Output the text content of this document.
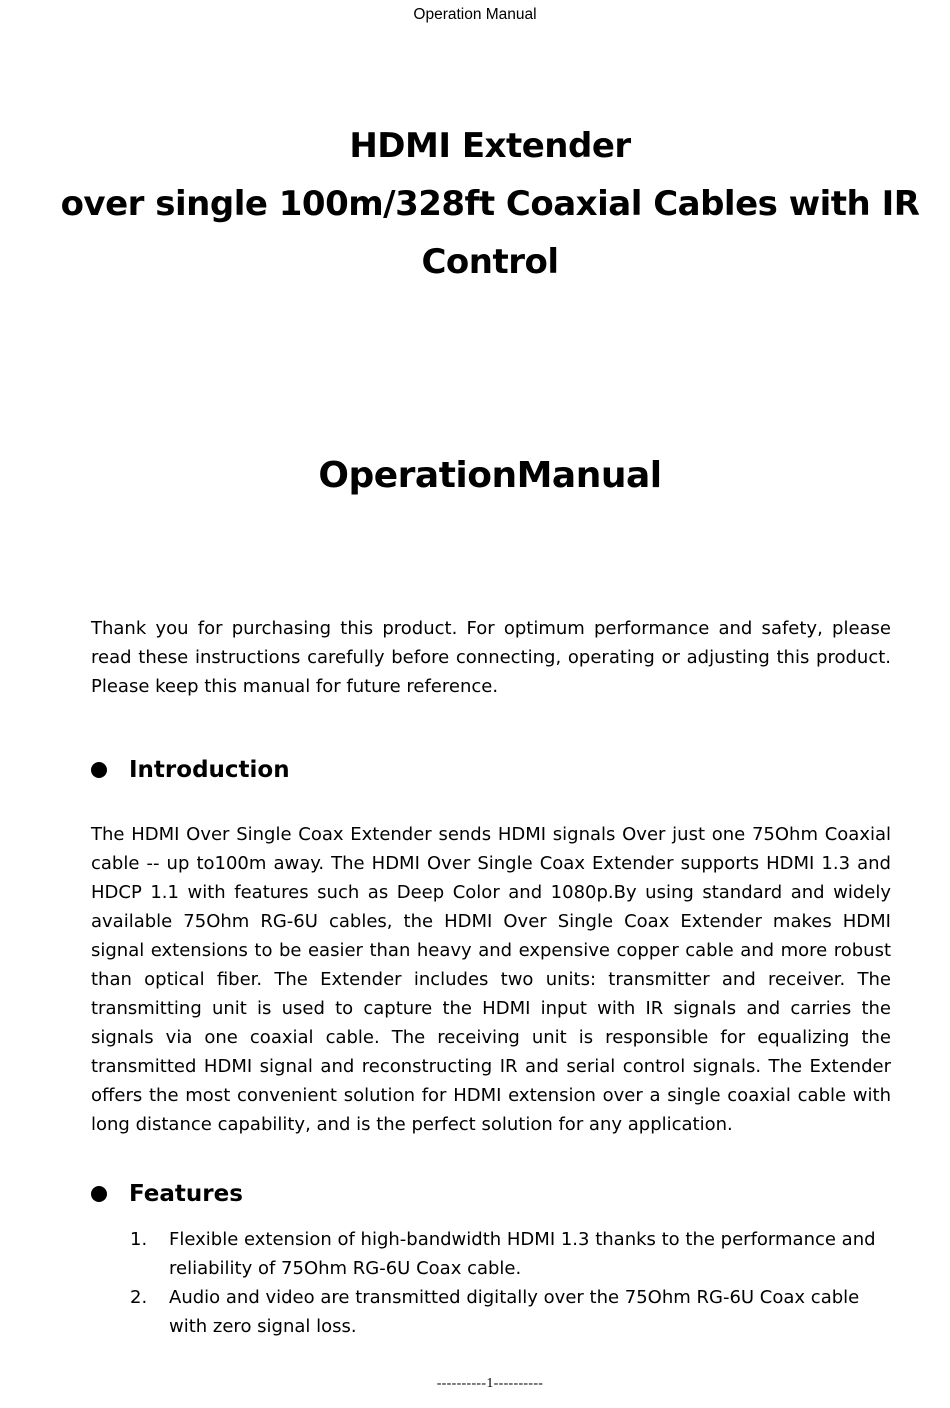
Operation Manual
HDMI Extender
over single 100m/328ft Coaxial Cables with IR
Control
OperationManual
Thank you for purchasing this product. For optimum performance and safety, please read these instructions carefully before connecting, operating or adjusting this product. Please keep this manual for future reference.
Introduction
The HDMI Over Single Coax Extender sends HDMI signals Over just one 75Ohm Coaxial cable -- up to100m away. The HDMI Over Single Coax Extender supports HDMI 1.3 and HDCP 1.1 with features such as Deep Color and 1080p.By using standard and widely available 75Ohm RG-6U cables, the HDMI Over Single Coax Extender makes HDMI signal extensions to be easier than heavy and expensive copper cable and more robust than optical fiber. The Extender includes two units: transmitter and receiver. The transmitting unit is used to capture the HDMI input with IR signals and carries the signals via one coaxial cable. The receiving unit is responsible for equalizing the transmitted HDMI signal and reconstructing IR and serial control signals. The Extender offers the most convenient solution for HDMI extension over a single coaxial cable with long distance capability, and is the perfect solution for any application.
Features
1.	Flexible extension of high-bandwidth HDMI 1.3 thanks to the performance and reliability of 75Ohm RG-6U Coax cable.
2.	Audio and video are transmitted digitally over the 75Ohm RG-6U Coax cable with zero signal loss.
----------1----------
